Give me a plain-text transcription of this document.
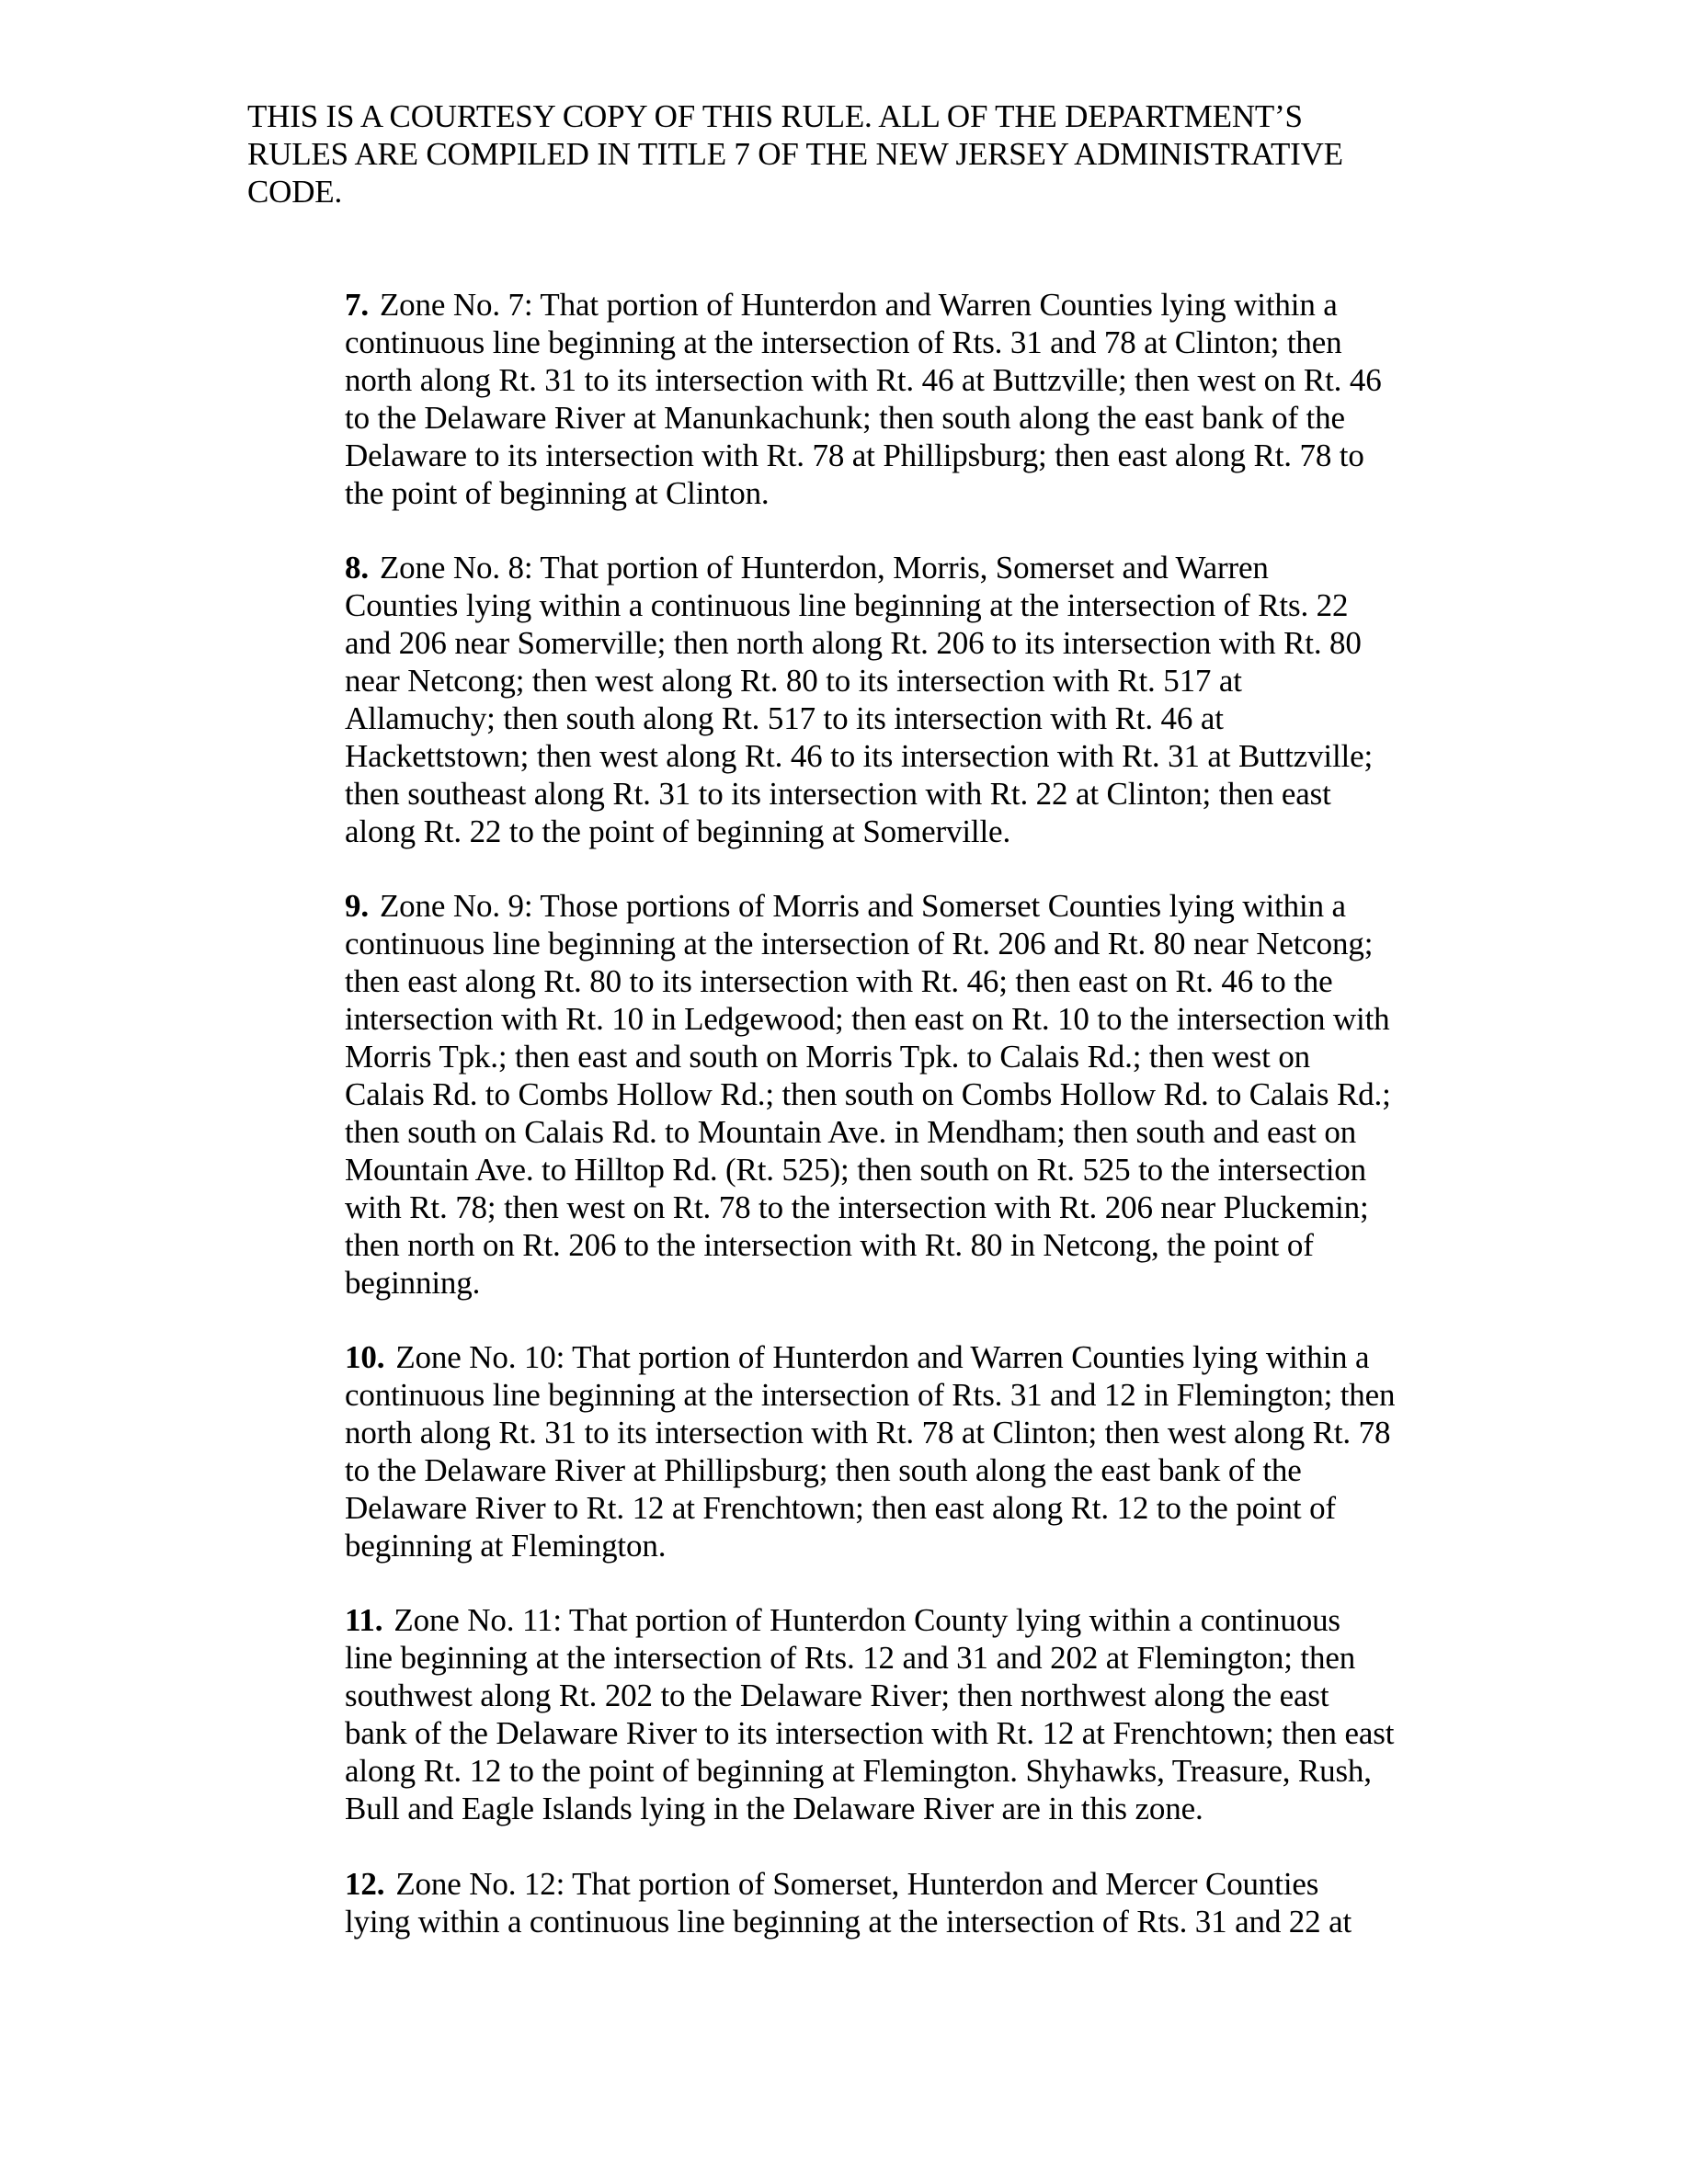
THIS IS A COURTESY COPY OF THIS RULE. ALL OF THE DEPARTMENT’S
RULES ARE COMPILED IN TITLE 7 OF THE NEW JERSEY ADMINISTRATIVE
CODE.
7. Zone No. 7: That portion of Hunterdon and Warren Counties lying within a
continuous line beginning at the intersection of Rts. 31 and 78 at Clinton; then
north along Rt. 31 to its intersection with Rt. 46 at Buttzville; then west on Rt. 46
to the Delaware River at Manunkachunk; then south along the east bank of the
Delaware to its intersection with Rt. 78 at Phillipsburg; then east along Rt. 78 to
the point of beginning at Clinton.
8. Zone No. 8: That portion of Hunterdon, Morris, Somerset and Warren
Counties lying within a continuous line beginning at the intersection of Rts. 22
and 206 near Somerville; then north along Rt. 206 to its intersection with Rt. 80
near Netcong; then west along Rt. 80 to its intersection with Rt. 517 at
Allamuchy; then south along Rt. 517 to its intersection with Rt. 46 at
Hackettstown; then west along Rt. 46 to its intersection with Rt. 31 at Buttzville;
then southeast along Rt. 31 to its intersection with Rt. 22 at Clinton; then east
along Rt. 22 to the point of beginning at Somerville.
9. Zone No. 9: Those portions of Morris and Somerset Counties lying within a
continuous line beginning at the intersection of Rt. 206 and Rt. 80 near Netcong;
then east along Rt. 80 to its intersection with Rt. 46; then east on Rt. 46 to the
intersection with Rt. 10 in Ledgewood; then east on Rt. 10 to the intersection with
Morris Tpk.; then east and south on Morris Tpk. to Calais Rd.; then west on
Calais Rd. to Combs Hollow Rd.; then south on Combs Hollow Rd. to Calais Rd.;
then south on Calais Rd. to Mountain Ave. in Mendham; then south and east on
Mountain Ave. to Hilltop Rd. (Rt. 525); then south on Rt. 525 to the intersection
with Rt. 78; then west on Rt. 78 to the intersection with Rt. 206 near Pluckemin;
then north on Rt. 206 to the intersection with Rt. 80 in Netcong, the point of
beginning.
10. Zone No. 10: That portion of Hunterdon and Warren Counties lying within a
continuous line beginning at the intersection of Rts. 31 and 12 in Flemington; then
north along Rt. 31 to its intersection with Rt. 78 at Clinton; then west along Rt. 78
to the Delaware River at Phillipsburg; then south along the east bank of the
Delaware River to Rt. 12 at Frenchtown; then east along Rt. 12 to the point of
beginning at Flemington.
11. Zone No. 11: That portion of Hunterdon County lying within a continuous
line beginning at the intersection of Rts. 12 and 31 and 202 at Flemington; then
southwest along Rt. 202 to the Delaware River; then northwest along the east
bank of the Delaware River to its intersection with Rt. 12 at Frenchtown; then east
along Rt. 12 to the point of beginning at Flemington. Shyhawks, Treasure, Rush,
Bull and Eagle Islands lying in the Delaware River are in this zone.
12. Zone No. 12: That portion of Somerset, Hunterdon and Mercer Counties
lying within a continuous line beginning at the intersection of Rts. 31 and 22 at
